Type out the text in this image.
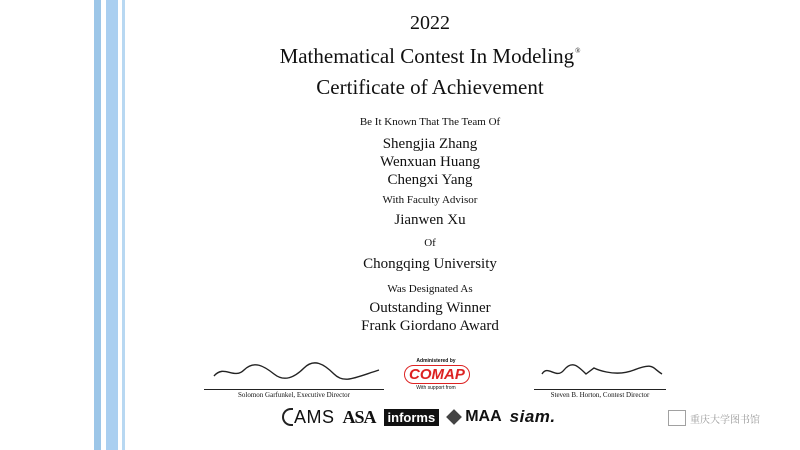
2022
Mathematical Contest In Modeling®
Certificate of Achievement
Be It Known That The Team Of
Shengjia Zhang
Wenxuan Huang
Chengxi Yang
With Faculty Advisor
Jianwen Xu
Of
Chongqing University
Was Designated As
Outstanding Winner
Frank Giordano Award
Solomon Garfunkel, Executive Director
Administered by
COMAP
With support from
Steven B. Horton, Contest Director
AMS ASA informs MAA siam.	重庆大学图书馆
